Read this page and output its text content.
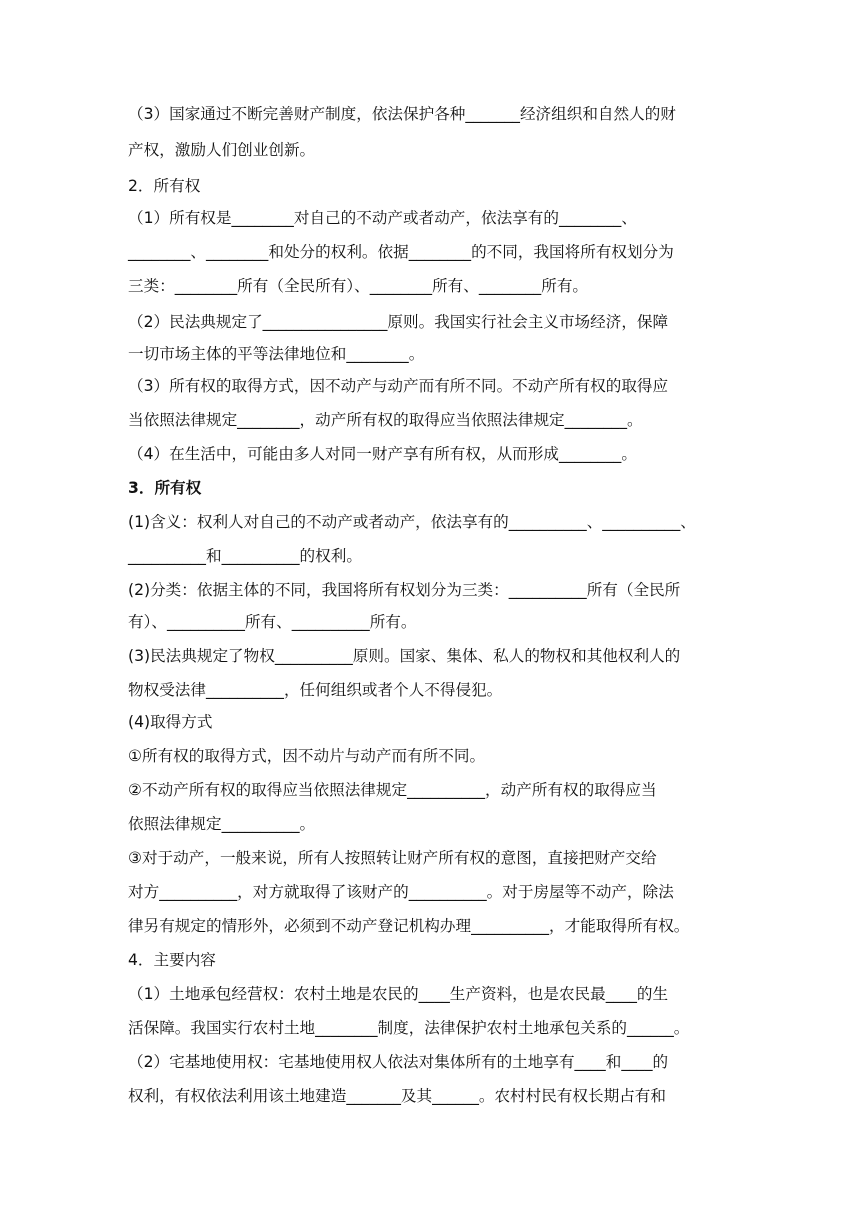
（3）国家通过不断完善财产制度，依法保护各种_______经济组织和自然人的财
产权，激励人们创业创新。
2．所有权
（1）所有权是________对自己的不动产或者动产，依法享有的________、
________、________和处分的权利。依据________的不同，我国将所有权划分为
三类：________所有（全民所有）、________所有、________所有。
（2）民法典规定了________________原则。我国实行社会主义市场经济，保障
一切市场主体的平等法律地位和________。
（3）所有权的取得方式，因不动产与动产而有所不同。不动产所有权的取得应
当依照法律规定________，动产所有权的取得应当依照法律规定________。
（4）在生活中，可能由多人对同一财产享有所有权，从而形成________。
3．所有权
(1)含义：权利人对自己的不动产或者动产，依法享有的__________、__________、
__________和__________的权利。
(2)分类：依据主体的不同，我国将所有权划分为三类：__________所有（全民所
有）、__________所有、__________所有。
(3)民法典规定了物权__________原则。国家、集体、私人的物权和其他权利人的
物权受法律__________，任何组织或者个人不得侵犯。
(4)取得方式
①所有权的取得方式，因不动片与动产而有所不同。
②不动产所有权的取得应当依照法律规定__________，动产所有权的取得应当
依照法律规定__________。
③对于动产，一般来说，所有人按照转让财产所有权的意图，直接把财产交给
对方__________，对方就取得了该财产的__________。对于房屋等不动产，除法
律另有规定的情形外，必须到不动产登记机构办理__________，才能取得所有权。
4．主要内容
（1）土地承包经营权：农村土地是农民的____生产资料，也是农民最____的生
活保障。我国实行农村土地________制度，法律保护农村土地承包关系的______。
（2）宅基地使用权：宅基地使用权人依法对集体所有的土地享有____和____的
权利，有权依法利用该土地建造_______及其______。农村村民有权长期占有和
